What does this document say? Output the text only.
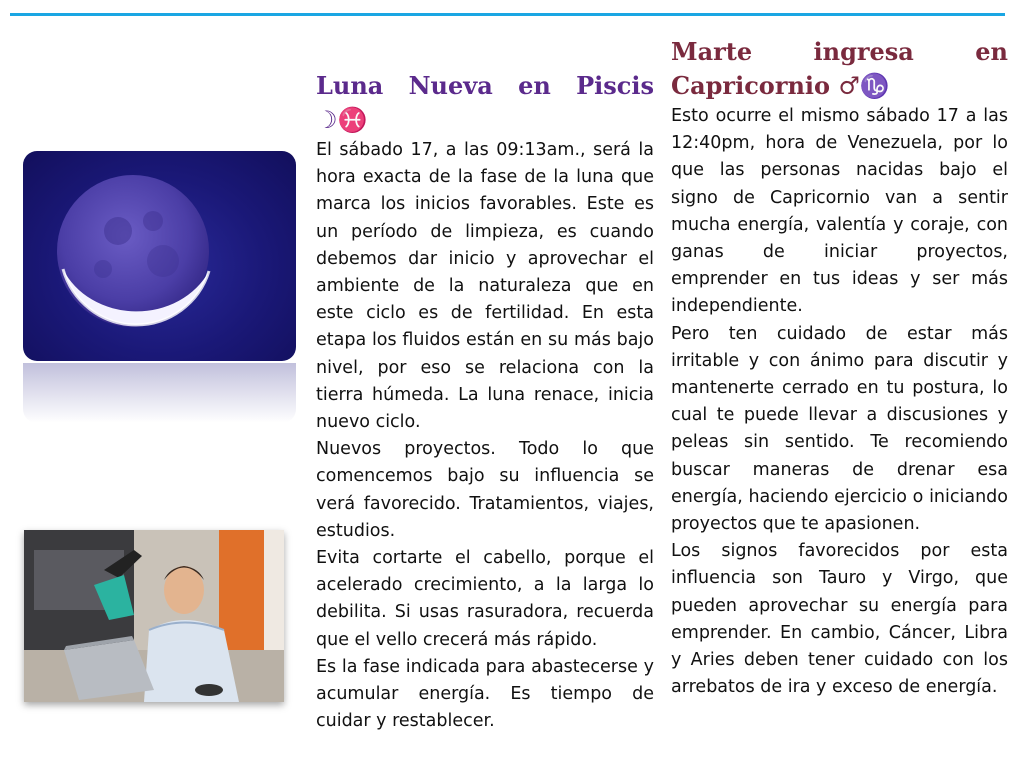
Luna Nueva en Piscis ☽♓

El sábado 17, a las 09:13am., será la hora exacta de la fase de la luna que marca los inicios favorables. Este es un período de limpieza, es cuando debemos dar inicio y aprovechar el ambiente de la naturaleza que en este ciclo es de fertilidad. En esta etapa los fluidos están en su más bajo nivel, por eso se relaciona con la tierra húmeda. La luna renace, inicia nuevo ciclo.

Nuevos proyectos. Todo lo que comencemos bajo su influencia se verá favorecido. Tratamientos, viajes, estudios.

Evita cortarte el cabello, porque el acelerado crecimiento, a la larga lo debilita. Si usas rasuradora, recuerda que el vello crecerá más rápido.

Es la fase indicada para abastecerse y acumular energía. Es tiempo de cuidar y restablecer.

Marte	ingresa	en
Capricornio ♂♑

Esto ocurre el mismo sábado 17 a las 12:40pm, hora de Venezuela, por lo que las personas nacidas bajo el signo de Capricornio van a sentir mucha energía, valentía y coraje, con ganas de iniciar proyectos, emprender en tus ideas y ser más independiente.

Pero ten cuidado de estar más irritable y con ánimo para discutir y mantenerte cerrado en tu postura, lo cual te puede llevar a discusiones y peleas sin sentido. Te recomiendo buscar maneras de drenar esa energía, haciendo ejercicio o iniciando proyectos que te apasionen.

Los signos favorecidos por esta influencia son Tauro y Virgo, que pueden aprovechar su energía para emprender. En cambio, Cáncer, Libra y Aries deben tener cuidado con los arrebatos de ira y exceso de energía.
